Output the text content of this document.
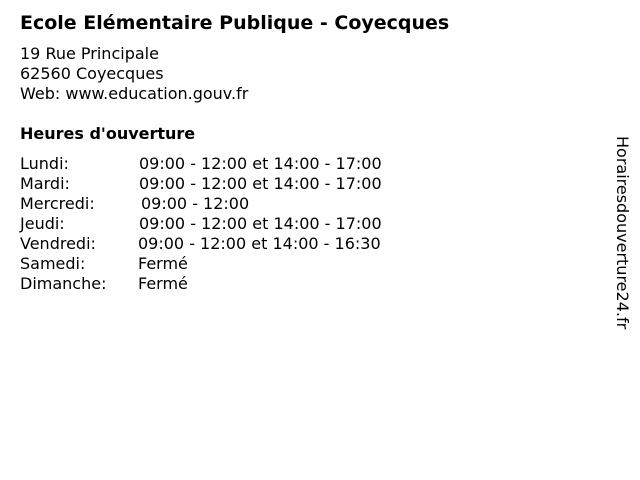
Ecole Elémentaire Publique - Coyecques
19 Rue Principale
62560 Coyecques
Web: www.education.gouv.fr
Heures d'ouverture
Lundi:	09:00 - 12:00 et 14:00 - 17:00
Mardi:	09:00 - 12:00 et 14:00 - 17:00
Mercredi:	09:00 - 12:00
Jeudi:	09:00 - 12:00 et 14:00 - 17:00
Vendredi:	09:00 - 12:00 et 14:00 - 16:30
Samedi:	Fermé
Dimanche: Fermé	Horairesdouverture24.fr
